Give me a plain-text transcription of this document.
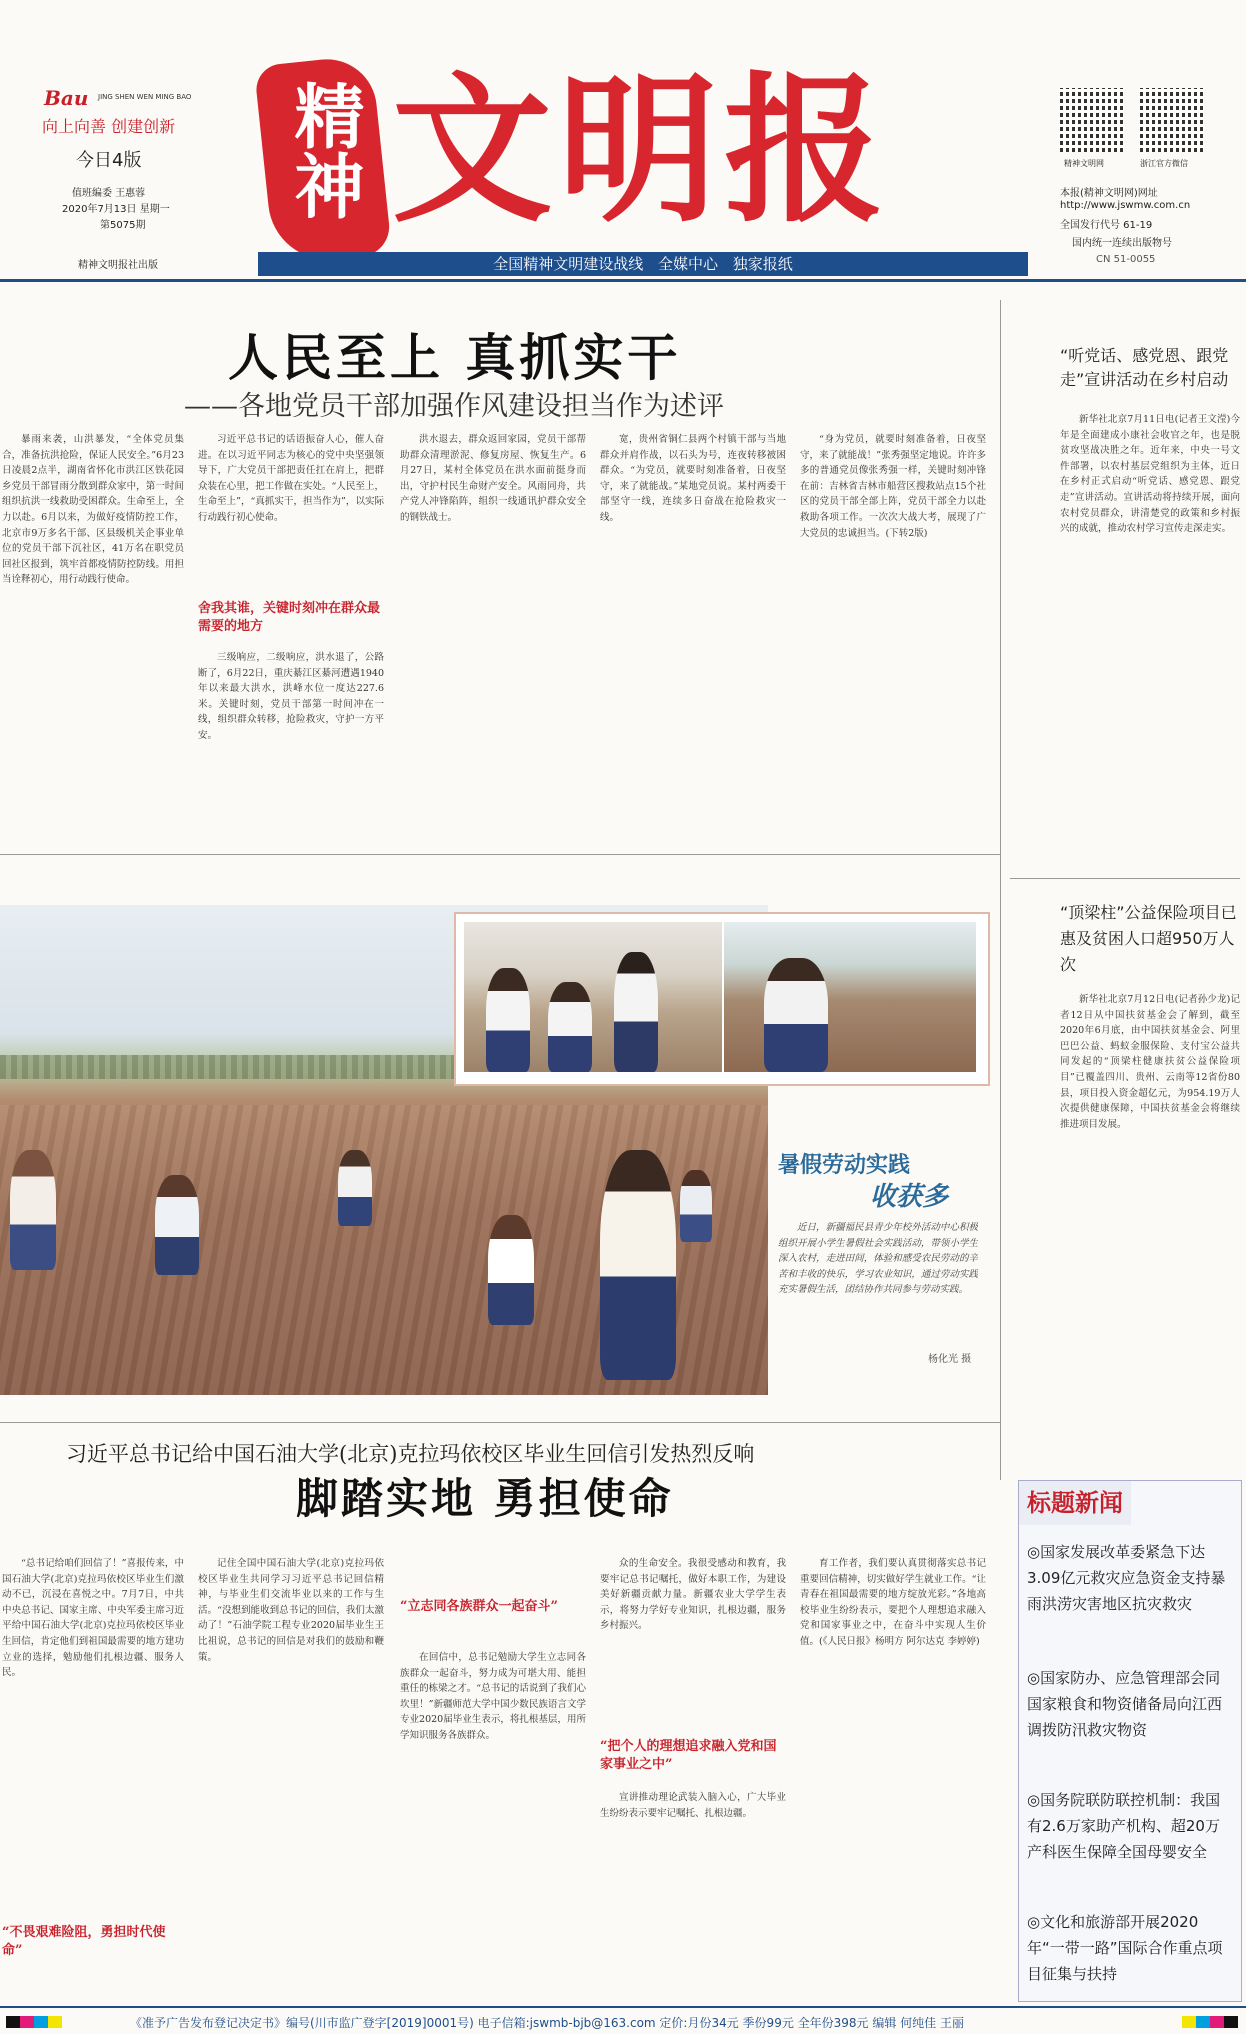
Bau JING SHEN WEN MING BAO
向上向善 创建创新
今日4版
值班编委 王惠蓉
2020年7月13日 星期一
第5075期
精神文明报社出版
精神 文明报	精神文明网	浙江官方微信
本报(精神文明网)网址
http://www.jswmw.com.cn
全国发行代号 61-19
国内统一连续出版物号
CN 51-0055
全国精神文明建设战线 全媒中心 独家报纸
人民至上 真抓实干
——各地党员干部加强作风建设担当作为述评

暴雨来袭，山洪暴发，“全体党员集合，准备抗洪抢险，保证人民安全。”6月23日凌晨2点半，湖南省怀化市洪江区铁花园乡党员干部冒雨分散到群众家中，第一时间组织抗洪一线救助受困群众。生命至上，全力以赴。6月以来，为做好疫情防控工作，北京市9万多名干部、区县级机关企事业单位的党员干部下沉社区，41万名在职党员回社区报到，筑牢首都疫情防控防线。用担当诠释初心，用行动践行使命。

习近平总书记的话语振奋人心，催人奋进。在以习近平同志为核心的党中央坚强领导下，广大党员干部把责任扛在肩上，把群众装在心里，把工作做在实处。“人民至上，生命至上”，“真抓实干，担当作为”，以实际行动践行初心使命。

舍我其谁，关键时刻冲在群众最需要的地方

三级响应，二级响应，洪水退了，公路断了，6月22日，重庆綦江区綦河遭遇1940年以来最大洪水，洪峰水位一度达227.6米。关键时刻，党员干部第一时间冲在一线，组织群众转移，抢险救灾，守护一方平安。

洪水退去，群众返回家园，党员干部帮助群众清理淤泥、修复房屋、恢复生产。6月27日，某村全体党员在洪水面前挺身而出，守护村民生命财产安全。风雨同舟，共产党人冲锋陷阵，组织一线通讯护群众安全的钢铁战士。

宽，贵州省铜仁县两个村镇干部与当地群众并肩作战，以石头为号，连夜转移被困群众。“为党员，就要时刻准备着，日夜坚守，来了就能战。”某地党员说。某村两委干部坚守一线，连续多日奋战在抢险救灾一线。

“身为党员，就要时刻准备着，日夜坚守，来了就能战！”张秀强坚定地说。许许多多的普通党员像张秀强一样，关键时刻冲锋在前：吉林省吉林市船营区搜救站点15个社区的党员干部全部上阵，党员干部全力以赴救助各项工作。一次次大战大考，展现了广大党员的忠诚担当。(下转2版)

“听党话、感党恩、跟党走”宣讲活动在乡村启动

新华社北京7月11日电(记者王文滢)今年是全面建成小康社会收官之年，也是脱贫攻坚战决胜之年。近年来，中央一号文件部署，以农村基层党组织为主体，近日在乡村正式启动“听党话、感党恩、跟党走”宣讲活动。宣讲活动将持续开展，面向农村党员群众，讲清楚党的政策和乡村振兴的成就，推动农村学习宣传走深走实。

“顶梁柱”公益保险项目已惠及贫困人口超950万人次

新华社北京7月12日电(记者孙少龙)记者12日从中国扶贫基金会了解到，截至2020年6月底，由中国扶贫基金会、阿里巴巴公益、蚂蚁金服保险、支付宝公益共同发起的“顶梁柱健康扶贫公益保险项目”已覆盖四川、贵州、云南等12省份80县，项目投入资金超亿元，为954.19万人次提供健康保障，中国扶贫基金会将继续推进项目发展。

暑假劳动实践
收获多

近日，新疆福民县青少年校外活动中心积极组织开展小学生暑假社会实践活动，带领小学生深入农村，走进田间，体验和感受农民劳动的辛苦和丰收的快乐，学习农业知识，通过劳动实践充实暑假生活，团结协作共同参与劳动实践。

杨化光 摄
习近平总书记给中国石油大学(北京)克拉玛依校区毕业生回信引发热烈反响
脚踏实地 勇担使命

“总书记给咱们回信了！”喜报传来，中国石油大学(北京)克拉玛依校区毕业生们激动不已，沉浸在喜悦之中。7月7日，中共中央总书记、国家主席、中央军委主席习近平给中国石油大学(北京)克拉玛依校区毕业生回信，肯定他们到祖国最需要的地方建功立业的选择，勉励他们扎根边疆、服务人民。

“不畏艰难险阻，勇担时代使命”

记住全国中国石油大学(北京)克拉玛依校区毕业生共同学习习近平总书记回信精神，与毕业生们交流毕业以来的工作与生活。“没想到能收到总书记的回信，我们太激动了！”石油学院工程专业2020届毕业生王比祖说，总书记的回信是对我们的鼓励和鞭策。

“立志同各族群众一起奋斗”

在回信中，总书记勉励大学生立志同各族群众一起奋斗，努力成为可堪大用、能担重任的栋梁之才。“总书记的话说到了我们心坎里！”新疆师范大学中国少数民族语言文学专业2020届毕业生表示，将扎根基层，用所学知识服务各族群众。

众的生命安全。我很受感动和教育，我要牢记总书记嘱托，做好本职工作，为建设美好新疆贡献力量。新疆农业大学学生表示，将努力学好专业知识，扎根边疆，服务乡村振兴。

“把个人的理想追求融入党和国家事业之中”

宣讲推动理论武装入脑入心，广大毕业生纷纷表示要牢记嘱托、扎根边疆。

育工作者，我们要认真贯彻落实总书记重要回信精神，切实做好学生就业工作。“让青春在祖国最需要的地方绽放光彩。”各地高校毕业生纷纷表示，要把个人理想追求融入党和国家事业之中，在奋斗中实现人生价值。(《人民日报》杨明方 阿尔达克 李婷婷)

标题新闻
◎国家发展改革委紧急下达3.09亿元救灾应急资金支持暴雨洪涝灾害地区抗灾救灾
◎国家防办、应急管理部会同国家粮食和物资储备局向江西调拨防汛救灾物资
◎国务院联防联控机制：我国有2.6万家助产机构、超20万产科医生保障全国母婴安全
◎文化和旅游部开展2020年“一带一路”国际合作重点项目征集与扶持
《准予广告发布登记决定书》编号(川市监广登字[2019]0001号) 电子信箱:jswmb-bjb@163.com 定价:月份34元 季份99元 全年份398元 编辑 何纯佳 王丽
